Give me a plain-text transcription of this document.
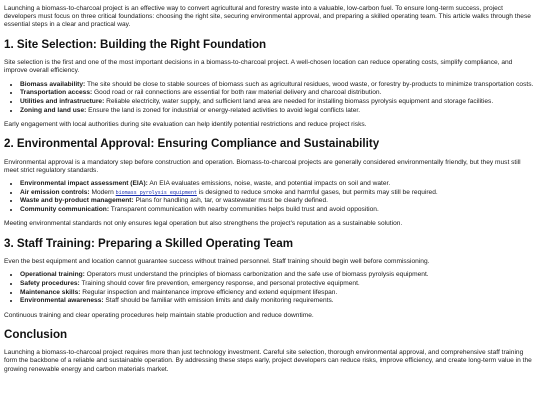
Launching a biomass-to-charcoal project is an effective way to convert agricultural and forestry waste into a valuable, low-carbon fuel. To ensure long-term success, project developers must focus on three critical foundations: choosing the right site, securing environmental approval, and preparing a skilled operating team. This article walks through these essential steps in a clear and practical way.

1. Site Selection: Building the Right Foundation

Site selection is the first and one of the most important decisions in a biomass-to-charcoal project. A well-chosen location can reduce operating costs, simplify compliance, and improve overall efficiency.

• Biomass availability: The site should be close to stable sources of biomass such as agricultural residues, wood waste, or forestry by-products to minimize transportation costs.
• Transportation access: Good road or rail connections are essential for both raw material delivery and charcoal distribution.
• Utilities and infrastructure: Reliable electricity, water supply, and sufficient land area are needed for installing biomass pyrolysis equipment and storage facilities.
• Zoning and land use: Ensure the land is zoned for industrial or energy-related activities to avoid legal conflicts later.

Early engagement with local authorities during site evaluation can help identify potential restrictions and reduce project risks.

2. Environmental Approval: Ensuring Compliance and Sustainability

Environmental approval is a mandatory step before construction and operation. Biomass-to-charcoal projects are generally considered environmentally friendly, but they must still meet strict regulatory standards.

• Environmental impact assessment (EIA): An EIA evaluates emissions, noise, waste, and potential impacts on soil and water.
• Air emission controls: Modern biomass pyrolysis equipment is designed to reduce smoke and harmful gases, but permits may still be required.
• Waste and by-product management: Plans for handling ash, tar, or wastewater must be clearly defined.
• Community communication: Transparent communication with nearby communities helps build trust and avoid opposition.

Meeting environmental standards not only ensures legal operation but also strengthens the project's reputation as a sustainable solution.

3. Staff Training: Preparing a Skilled Operating Team

Even the best equipment and location cannot guarantee success without trained personnel. Staff training should begin well before commissioning.

• Operational training: Operators must understand the principles of biomass carbonization and the safe use of biomass pyrolysis equipment.
• Safety procedures: Training should cover fire prevention, emergency response, and personal protective equipment.
• Maintenance skills: Regular inspection and maintenance improve efficiency and extend equipment lifespan.
• Environmental awareness: Staff should be familiar with emission limits and daily monitoring requirements.

Continuous training and clear operating procedures help maintain stable production and reduce downtime.

Conclusion

Launching a biomass-to-charcoal project requires more than just technology investment. Careful site selection, thorough environmental approval, and comprehensive staff training form the backbone of a reliable and sustainable operation. By addressing these steps early, project developers can reduce risks, improve efficiency, and create long-term value in the growing renewable energy and carbon materials market.
